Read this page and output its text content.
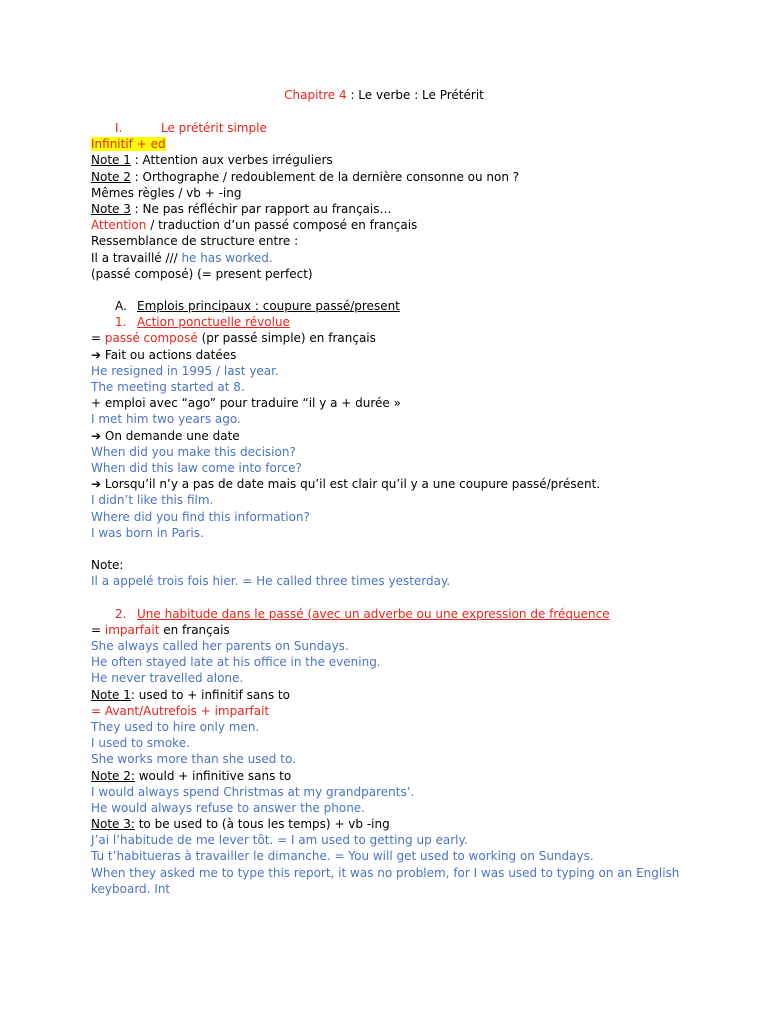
Chapitre 4 : Le verbe : Le Prétérit
I.	Le prétérit simple
Infinitif + ed
Note 1 : Attention aux verbes irréguliers
Note 2 : Orthographe / redoublement de la dernière consonne ou non ?
Mêmes règles / vb + -ing
Note 3 : Ne pas réfléchir par rapport au français…
Attention / traduction d’un passé composé en français
Ressemblance de structure entre :
Il a travaillé /// he has worked.
(passé composé) (= present perfect)
A. Emplois principaux : coupure passé/present
1. Action ponctuelle révolue
= passé composé (pr passé simple) en français
➔ Fait ou actions datées
He resigned in 1995 / last year.
The meeting started at 8.
+ emploi avec “ago” pour traduire “il y a + durée »
I met him two years ago.
➔ On demande une date
When did you make this decision?
When did this law come into force?
➔ Lorsqu’il n’y a pas de date mais qu’il est clair qu’il y a une coupure passé/présent.
I didn’t like this film.
Where did you find this information?
I was born in Paris.
Note:
Il a appelé trois fois hier. = He called three times yesterday.
2. Une habitude dans le passé (avec un adverbe ou une expression de fréquence
= imparfait en français
She always called her parents on Sundays.
He often stayed late at his office in the evening.
He never travelled alone.
Note 1: used to + infinitif sans to
= Avant/Autrefois + imparfait
They used to hire only men.
I used to smoke.
She works more than she used to.
Note 2: would + infinitive sans to
I would always spend Christmas at my grandparents’.
He would always refuse to answer the phone.
Note 3: to be used to (à tous les temps) + vb -ing
J’ai l’habitude de me lever tôt. = I am used to getting up early.
Tu t’habitueras à travailler le dimanche. = You will get used to working on Sundays.
When they asked me to type this report, it was no problem, for I was used to typing on an English
keyboard. Int
